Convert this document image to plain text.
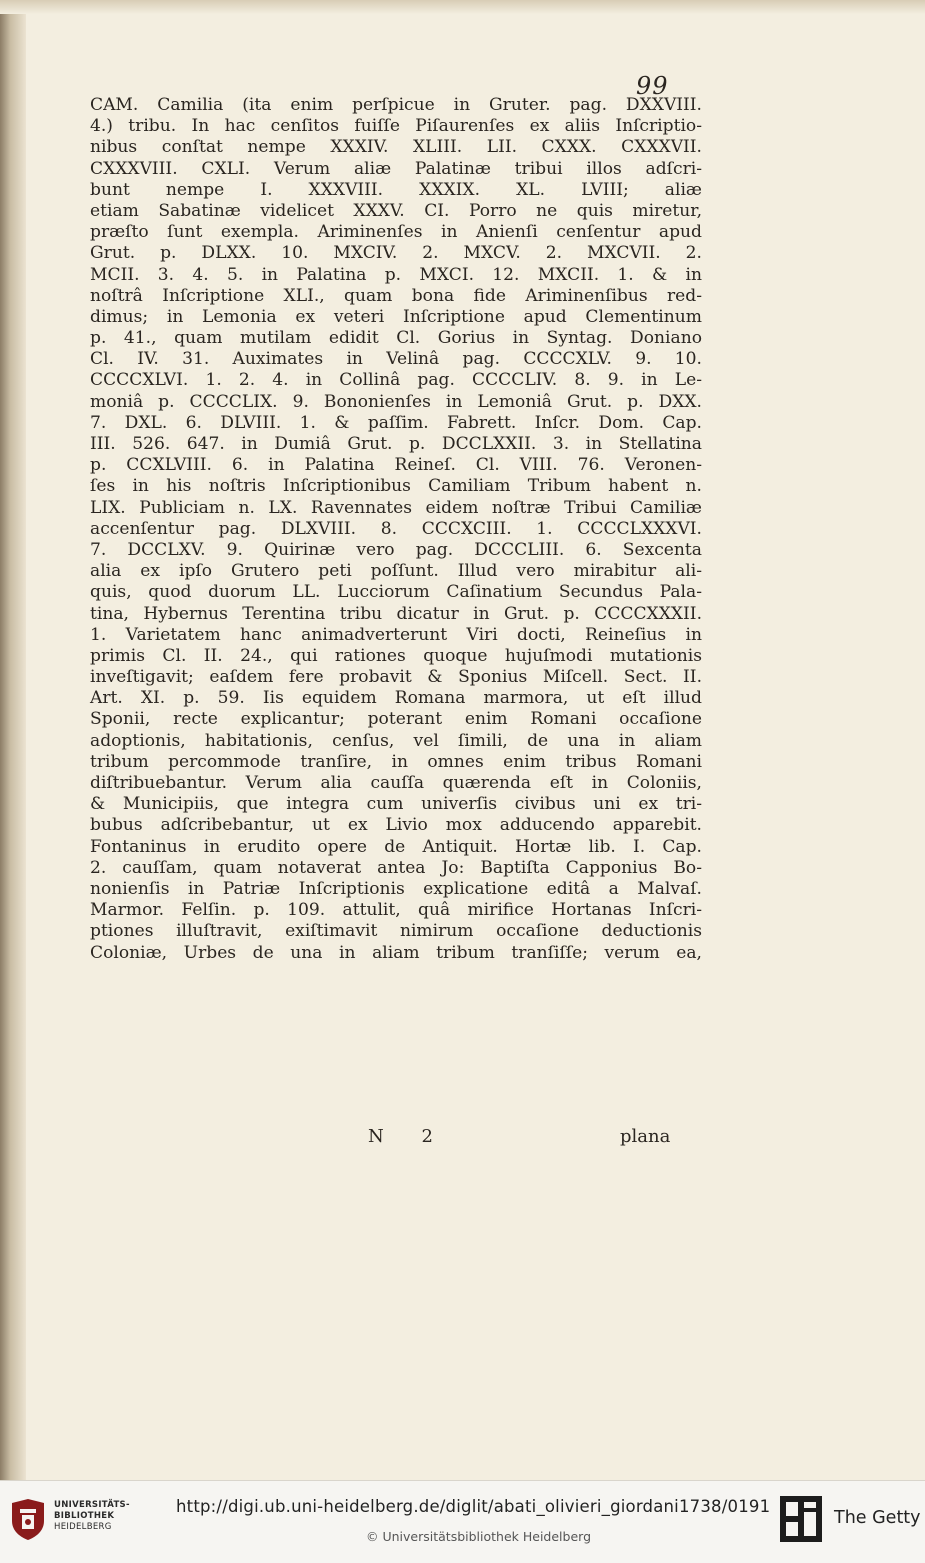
99
CAM. Camilia (ita enim perſpicue in Gruter. pag. DXXVIII.
4.) tribu. In hac cenſitos fuiſſe Piſaurenſes ex aliis Inſcriptio-
nibus conſtat nempe XXXIV. XLIII. LII. CXXX. CXXXVII.
CXXXVIII. CXLI. Verum aliæ Palatinæ tribui illos adſcri-
bunt nempe I. XXXVIII. XXXIX. XL. LVIII; aliæ
etiam Sabatinæ videlicet XXXV. CI. Porro ne quis miretur,
præſto ſunt exempla. Ariminenſes in Anienſi cenſentur apud
Grut. p. DLXX. 10. MXCIV. 2. MXCV. 2. MXCVII. 2.
MCII. 3. 4. 5. in Palatina p. MXCI. 12. MXCII. 1. & in
noſtrâ Inſcriptione XLI., quam bona fide Ariminenſibus red-
dimus; in Lemonia ex veteri Inſcriptione apud Clementinum
p. 41., quam mutilam edidit Cl. Gorius in Syntag. Doniano
Cl. IV. 31. Auximates in Velinâ pag. CCCCXLV. 9. 10.
CCCCXLVI. 1. 2. 4. in Collinâ pag. CCCCLIV. 8. 9. in Le-
moniâ p. CCCCLIX. 9. Bononienſes in Lemoniâ Grut. p. DXX.
7. DXL. 6. DLVIII. 1. & paſſim. Fabrett. Inſcr. Dom. Cap.
III. 526. 647. in Dumiâ Grut. p. DCCLXXII. 3. in Stellatina
p. CCXLVIII. 6. in Palatina Reineſ. Cl. VIII. 76. Veronen-
ſes in his noſtris Inſcriptionibus Camiliam Tribum habent n.
LIX. Publiciam n. LX. Ravennates eidem noſtræ Tribui Camiliæ
accenſentur pag. DLXVIII. 8. CCCXCIII. 1. CCCCLXXXVI.
7. DCCLXV. 9. Quirinæ vero pag. DCCCLIII. 6. Sexcenta
alia ex ipſo Grutero peti poſſunt. Illud vero mirabitur ali-
quis, quod duorum LL. Lucciorum Caſinatium Secundus Pala-
tina, Hybernus Terentina tribu dicatur in Grut. p. CCCCXXXII.
1. Varietatem hanc animadverterunt Viri docti, Reineſius in
primis Cl. II. 24., qui rationes quoque hujuſmodi mutationis
inveſtigavit; eaſdem fere probavit & Sponius Miſcell. Sect. II.
Art. XI. p. 59. Iis equidem Romana marmora, ut eſt illud
Sponii, recte explicantur; poterant enim Romani occaſione
adoptionis, habitationis, cenſus, vel ſimili, de una in aliam
tribum percommode tranſire, in omnes enim tribus Romani
diſtribuebantur. Verum alia cauſſa quærenda eſt in Coloniis,
& Municipiis, que integra cum univerſis civibus uni ex tri-
bubus adſcribebantur, ut ex Livio mox adducendo apparebit.
Fontaninus in erudito opere de Antiquit. Hortæ lib. I. Cap.
2. cauſſam, quam notaverat antea Jo: Baptiſta Capponius Bo-
nonienſis in Patriæ Inſcriptionis explicatione editâ a Malvaſ.
Marmor. Felſin. p. 109. attulit, quâ mirifice Hortanas Inſcri-
ptiones illuſtravit, exiſtimavit nimirum occaſione deductionis
Coloniæ, Urbes de una in aliam tribum tranſiſſe; verum ea,
N 2	plana
UNIVERSITÄTS-
BIBLIOTHEK
HEIDELBERG
http://digi.ub.uni-heidelberg.de/diglit/abati_olivieri_giordani1738/0191
© Universitätsbibliothek Heidelberg
The Getty
